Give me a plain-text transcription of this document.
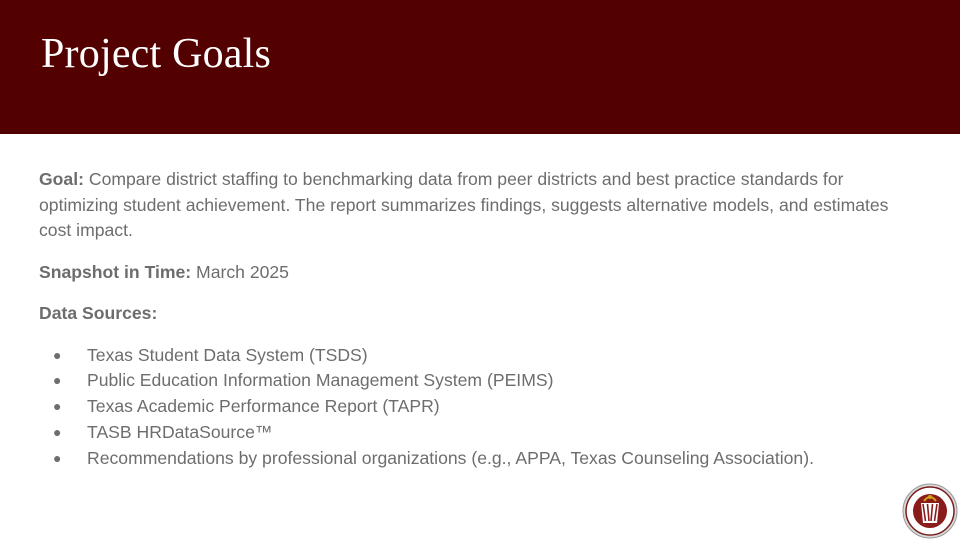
Project Goals

Goal: Compare district staffing to benchmarking data from peer districts and best practice standards for optimizing student achievement. The report summarizes findings, suggests alternative models, and estimates cost impact.

Snapshot in Time: March 2025

Data Sources:

● Texas Student Data System (TSDS)
● Public Education Information Management System (PEIMS)
● Texas Academic Performance Report (TAPR)
● TASB HRDataSource™
● Recommendations by professional organizations (e.g., APPA, Texas Counseling Association).
